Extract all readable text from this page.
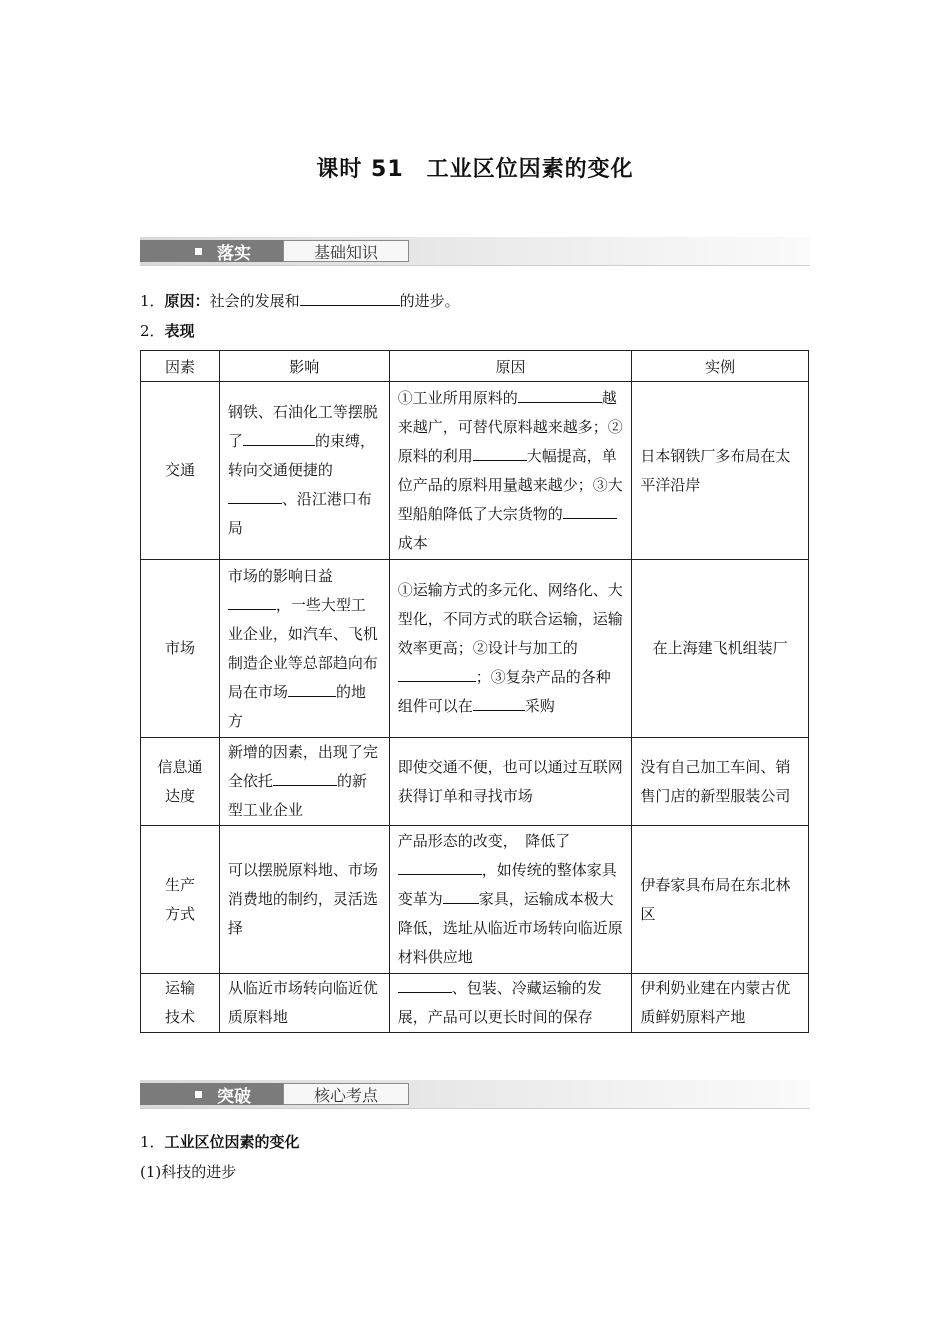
课时 51　工业区位因素的变化
落实	基础知识
1．原因：社会的发展和	的进步。
2．表现
因素	影响	原因	实例
交通	钢铁、石油化工等摆脱了 的束缚，转向交通便捷的、沿江港口布局	①工业所用原料的 越来越广，可替代原料越来越多；②原料的利用 大幅提高，单位产品的原料用量越来越少；③大型船舶降低了大宗货物的成本	日本钢铁厂多布局在太平洋沿岸
市场	市场的影响日益，一些大型工业企业，如汽车、飞机制造企业等总部趋向布局在市场 的地方	①运输方式的多元化、网络化、大型化，不同方式的联合运输，运输效率更高；②设计与加工的；③复杂产品的各种组件可以在 采购	在上海建飞机组装厂
信息通达度	新增的因素，出现了完全依托 的新型工业企业	即使交通不便，也可以通过互联网获得订单和寻找市场	没有自己加工车间、销售门店的新型服装公司
生产方式	可以摆脱原料地、市场消费地的制约，灵活选择	产品形态的改变，　降低了，如传统的整体家具变革为 家具，运输成本极大降低，选址从临近市场转向临近原材料供应地	伊春家具布局在东北林区
运输技术	从临近市场转向临近优质原料地	、包装、冷藏运输的发展，产品可以更长时间的保存	伊利奶业建在内蒙古优质鲜奶原料产地
突破	核心考点
1．工业区位因素的变化
(1)科技的进步
